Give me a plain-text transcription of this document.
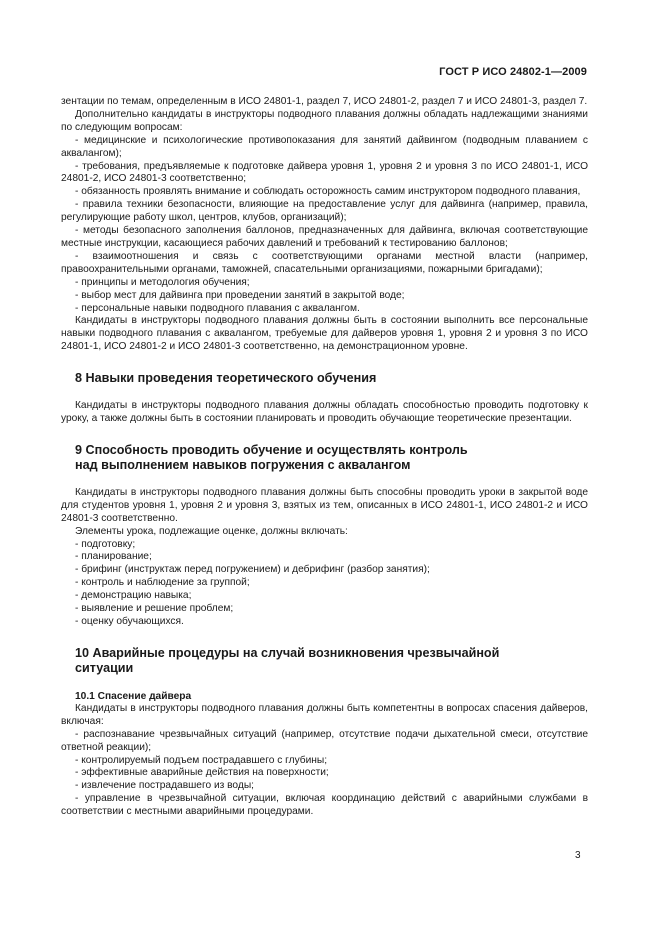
ГОСТ Р ИСО 24802-1—2009

зентации по темам, определенным в ИСО 24801-1, раздел 7, ИСО 24801-2, раздел 7 и ИСО 24801-3, раздел 7.

Дополнительно кандидаты в инструкторы подводного плавания должны обладать надлежащими знаниями по следующим вопросам:

- медицинские и психологические противопоказания для занятий дайвингом (подводным плаванием с аквалангом);

- требования, предъявляемые к подготовке дайвера уровня 1, уровня 2 и уровня 3 по ИСО 24801-1, ИСО 24801-2, ИСО 24801-3 соответственно;

- обязанность проявлять внимание и соблюдать осторожность самим инструктором подводного плавания,

- правила техники безопасности, влияющие на предоставление услуг для дайвинга (например, правила, регулирующие работу школ, центров, клубов, организаций);

- методы безопасного заполнения баллонов, предназначенных для дайвинга, включая соответствующие местные инструкции, касающиеся рабочих давлений и требований к тестированию баллонов;

- взаимоотношения и связь с соответствующими органами местной власти (например, правоохранительными органами, таможней, спасательными организациями, пожарными бригадами);

- принципы и методология обучения;

- выбор мест для дайвинга при проведении занятий в закрытой воде;

- персональные навыки подводного плавания с аквалангом.

Кандидаты в инструкторы подводного плавания должны быть в состоянии выполнить все персональные навыки подводного плавания с аквалангом, требуемые для дайверов уровня 1, уровня 2 и уровня 3 по ИСО 24801-1, ИСО 24801-2 и ИСО 24801-3 соответственно, на демонстрационном уровне.

8 Навыки проведения теоретического обучения

Кандидаты в инструкторы подводного плавания должны обладать способностью проводить подготовку к уроку, а также должны быть в состоянии планировать и проводить обучающие теоретические презентации.

9 Способность проводить обучение и осуществлять контроль
над выполнением навыков погружения с аквалангом

Кандидаты в инструкторы подводного плавания должны быть способны проводить уроки в закрытой воде для студентов уровня 1, уровня 2 и уровня 3, взятых из тем, описанных в ИСО 24801-1, ИСО 24801-2 и ИСО 24801-3 соответственно.

Элементы урока, подлежащие оценке, должны включать:

- подготовку;

- планирование;

- брифинг (инструктаж перед погружением) и дебрифинг (разбор занятия);

- контроль и наблюдение за группой;

- демонстрацию навыка;

- выявление и решение проблем;

- оценку обучающихся.

10 Аварийные процедуры на случай возникновения чрезвычайной
ситуации
10.1 Спасение дайвера

Кандидаты в инструкторы подводного плавания должны быть компетентны в вопросах спасения дайверов, включая:

- распознавание чрезвычайных ситуаций (например, отсутствие подачи дыхательной смеси, отсутствие ответной реакции);

- контролируемый подъем пострадавшего с глубины;

- эффективные аварийные действия на поверхности;

- извлечение пострадавшего из воды;

- управление в чрезвычайной ситуации, включая координацию действий с аварийными службами в соответствии с местными аварийными процедурами.

3
